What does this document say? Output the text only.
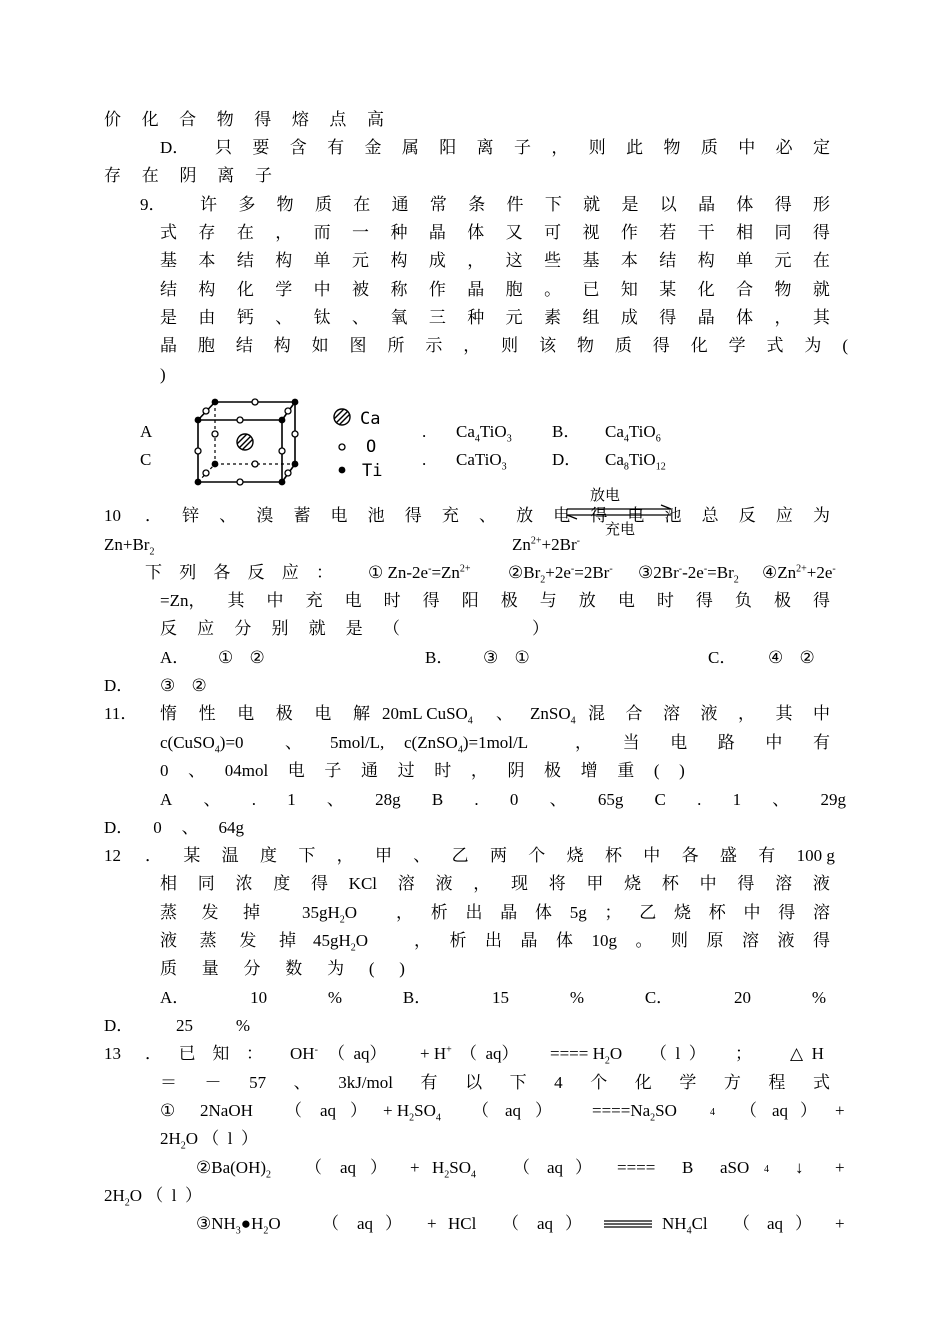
价 化 合 物 得 熔 点 高
D． 只 要 含 有 金 属 阳 离 子 ， 则 此 物 质 中 必 定
存 在 阴 离 子
9． 许 多 物 质 在 通 常 条 件 下 就 是 以 晶 体 得 形
式 存 在 ， 而 一 种 晶 体 又 可 视 作 若 干 相 同 得
基 本 结 构 单 元 构 成 ， 这 些 基 本 结 构 单 元 在
结 构 化 学 中 被 称 作 晶 胞 。 已 知 某 化 合 物 就
是 由 钙 、 钛 、 氧 三 种 元 素 组 成 得 晶 体 ， 其
晶 胞 结 构 如 图 所 示 ， 则 该 物 质 得 化 学 式 为 (
)
Ca
O
Ti
A	. $Ca_4TiO_3$ B． $Ca_4TiO_6$
C	. CaTiO$_3$	D． $Ca_8TiO_{12}$
10 ． 锌 、 溴 蓄 电 池 得 充 、 放 电 得 电 池 总 反 应 为
放电
充电
$Zn+Br_2$	$Zn^{2+}+2Br^-$
下 列 各 反 应 ： ① $Zn-2e^-=Zn^{2+}$ $②Br_2+2e^-=2Br^-$ $③2Br^--2e^-=Br_2$ $④Zn^{2+}+2e^-$
=Zn， 其 中 充 电 时 得 阳 极 与 放 电 时 得 负 极 得
反 应 分 别 就 是 （	）
A． ① ②	B． ③ ①	C． ④ ②
D． ③ ②
11． 惰 性 电 极 电 解 20mL CuSO$_4$ 、 ZnSO$_4$ 混 合 溶 液 ， 其 中
c(CuSO$_4$)=0 、 5mol/L, c(ZnSO$_4$)=1mol/L	， 当 电 路 中 有
0 、 04mol 电 子 通 过 时 ， 阴 极 增 重 ( )
A 、 . 1 、 28g B . 0 、 65g C . 1 、 29g
D． 0 、 64g
12 ． 某 温 度 下 ， 甲 、 乙 两 个 烧 杯 中 各 盛 有 100 g
相 同 浓 度 得 KCl 溶 液 ， 现 将 甲 烧 杯 中 得 溶 液
蒸 发 掉 $35gH_2O$ ， 析 出 晶 体 5g ； 乙 烧 杯 中 得 溶
液 蒸 发 掉 $45gH_2O$	， 析 出 晶 体 10g 。 则 原 溶 液 得
质 量 分 数 为 ( )
A．	10	%	B．	15	%	C．	20	%
D．	25	%
13 ． 已 知 ： OH- （  aq） + H+ （  aq） ==== $H_2O$ （  l  ） ； △  H
＝ － 57 、 3kJ/mol 有 以 下 4 个 化 学 方 程 式
① 2NaOH （ aq ） + $H_2SO_4$ （ aq ） $====Na_2SO$	4 （ aq ） +
$2H_2O$ （  l  ）
$②Ba(OH)_2$ （ aq ） + $H_2SO_4$ （ aq ） ==== B aSO 4 ↓ +
$2H_2O$ （  l  ）
$③NH_3●H_2O$ （ aq ） + HCl （ aq ）	$NH_4Cl$ （ aq ） +
